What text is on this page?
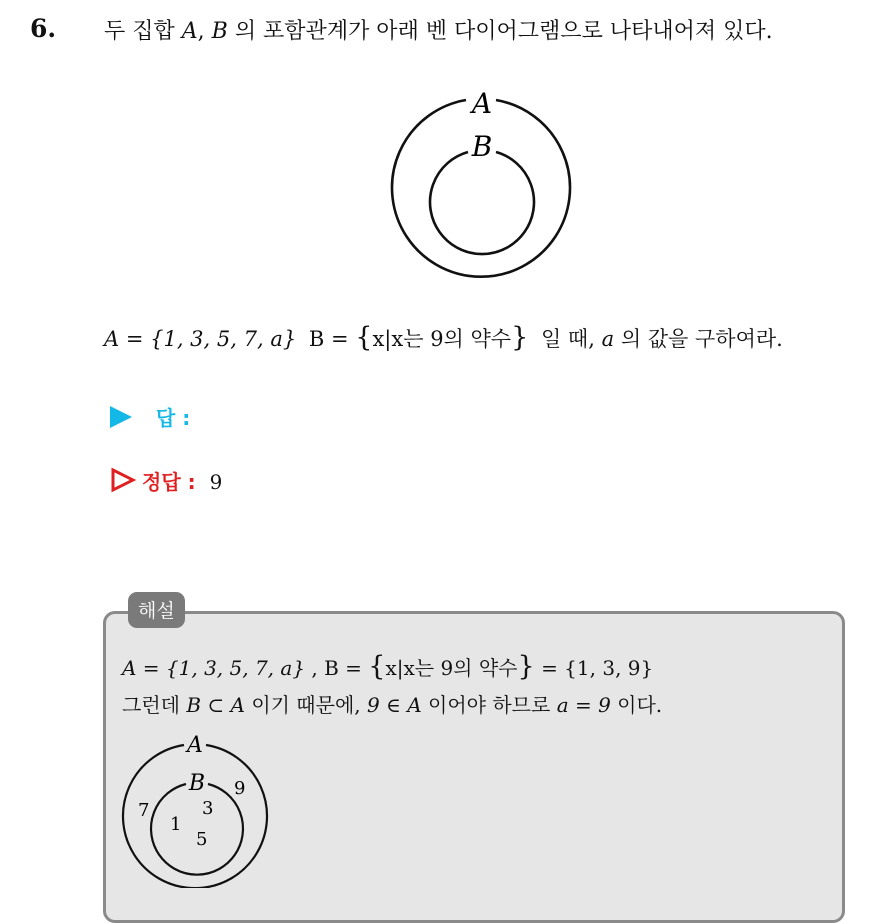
6. 두 집합 A, B 의 포함관계가 아래 벤 다이어그램으로 나타내어져 있다.
A
B
A = {1, 3, 5, 7, a} B = {x|x는 9의 약수} 일 때, a 의 값을 구하여라.
답 :
정답 : 9
해설
A = {1, 3, 5, 7, a} , B = {x|x는 9의 약수} = {1, 3, 9}
그런데 B ⊂ A 이기 때문에, 9 ∈ A 이어야 하므로 a = 9 이다.
A
B
7
1
3
5
9
